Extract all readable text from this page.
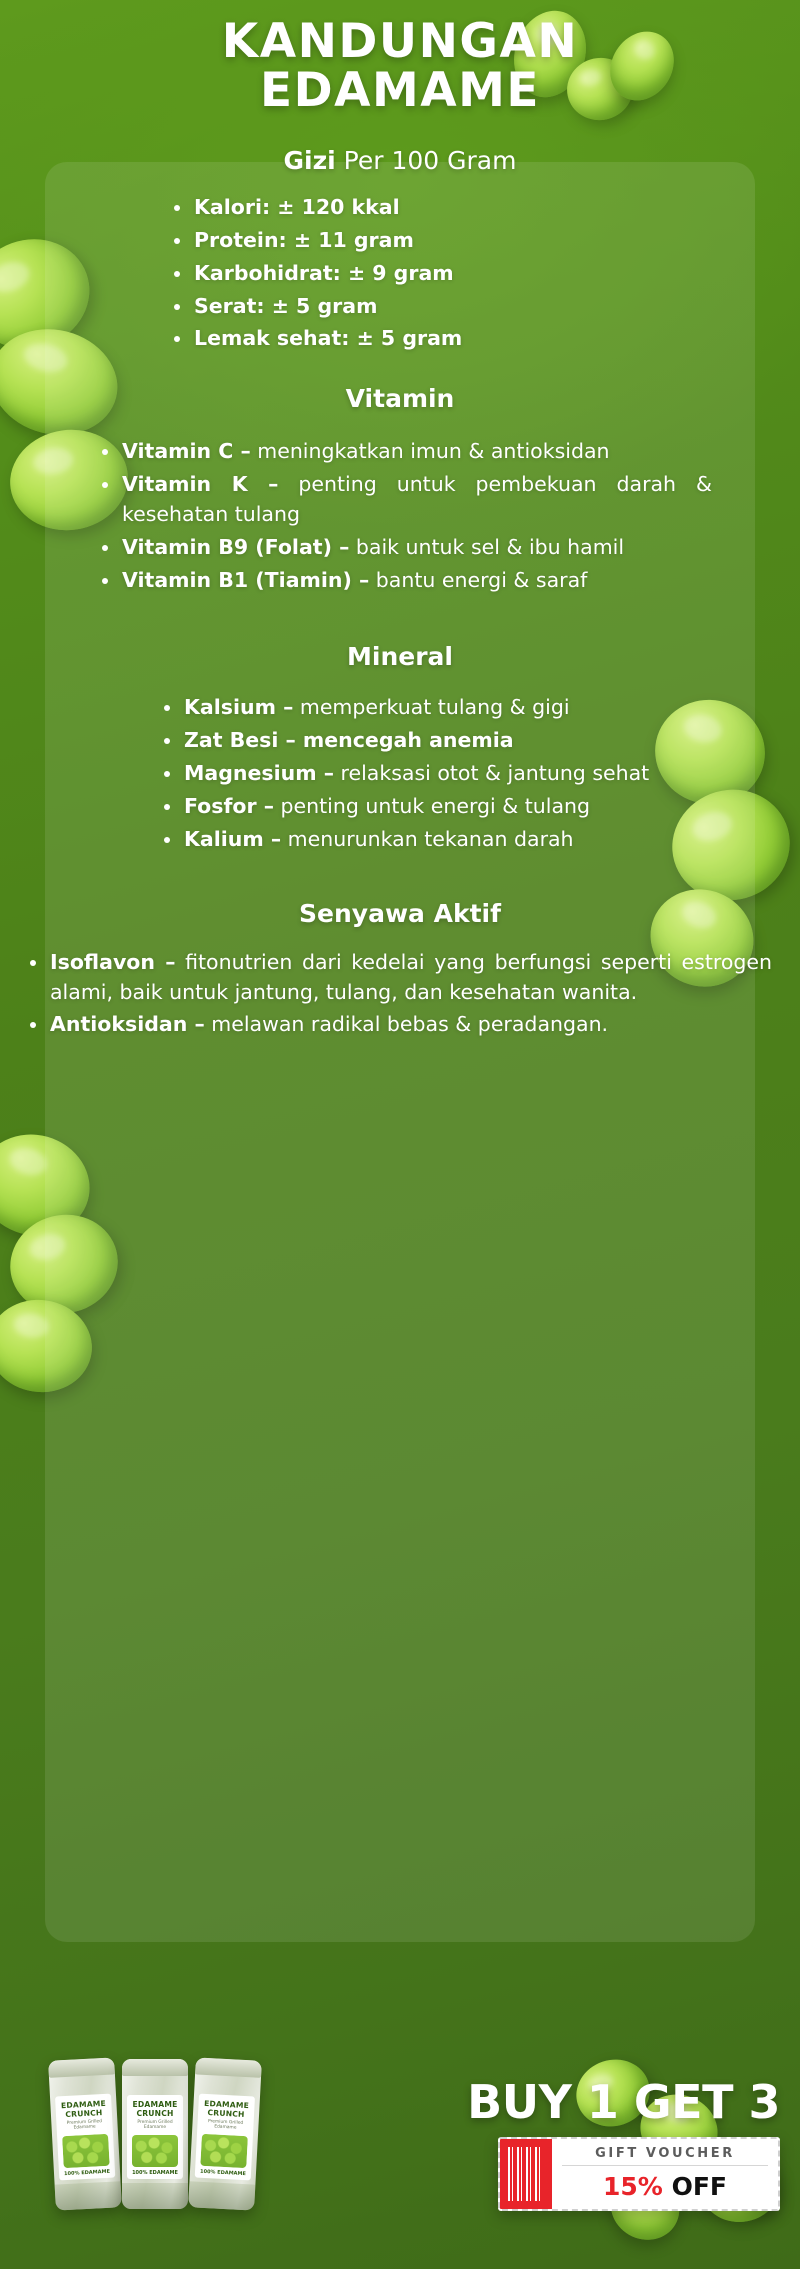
KANDUNGAN
EDAMAME
Gizi Per 100 Gram
Kalori: ± 120 kkal
Protein: ± 11 gram
Karbohidrat: ± 9 gram
Serat: ± 5 gram
Lemak sehat: ± 5 gram
Vitamin
Vitamin C – meningkatkan imun & antioksidan
Vitamin K – penting untuk pembekuan darah & kesehatan tulang
Vitamin B9 (Folat) – baik untuk sel & ibu hamil
Vitamin B1 (Tiamin) – bantu energi & saraf
Mineral
Kalsium – memperkuat tulang & gigi
Zat Besi – mencegah anemia
Magnesium – relaksasi otot & jantung sehat
Fosfor – penting untuk energi & tulang
Kalium – menurunkan tekanan darah
Senyawa Aktif
Isoflavon – fitonutrien dari kedelai yang berfungsi seperti estrogen alami, baik untuk jantung, tulang, dan kesehatan wanita.
Antioksidan – melawan radikal bebas & peradangan.
EDAMAME CRUNCH
Premium Grilled Edamame
100% EDAMAME
EDAMAME CRUNCH
Premium Grilled Edamame
100% EDAMAME
EDAMAME CRUNCH
Premium Grilled Edamame
100% EDAMAME
BUY 1 GET 3
GIFT VOUCHER
15% OFF
